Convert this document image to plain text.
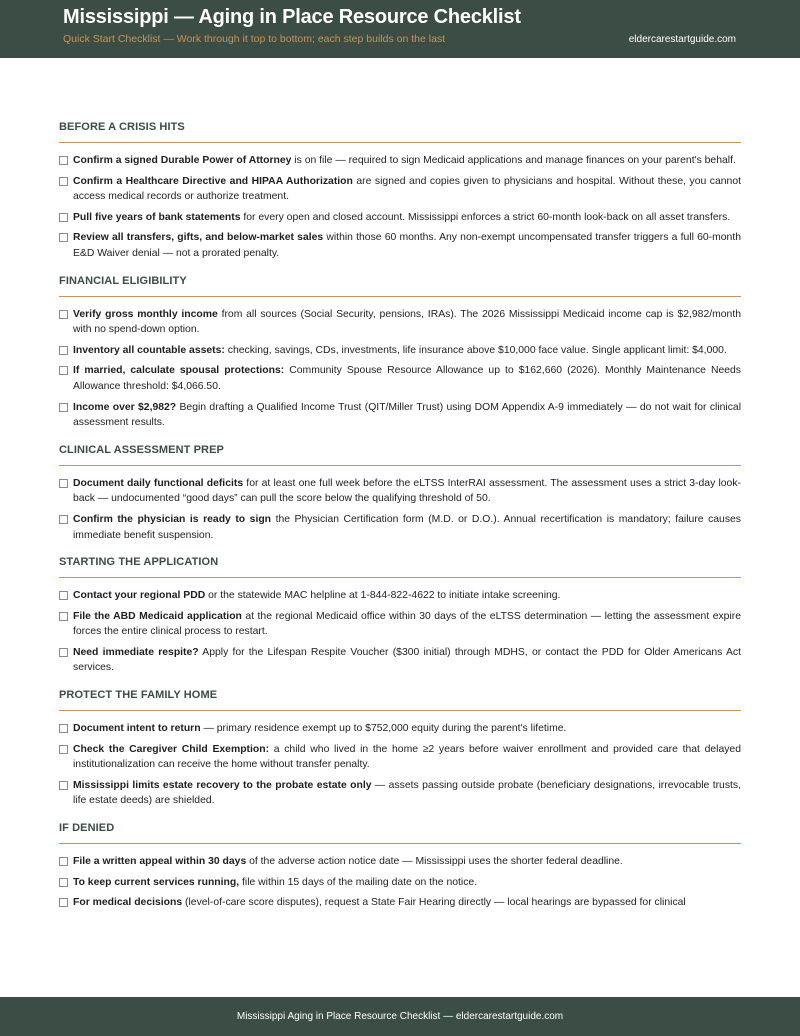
Mississippi — Aging in Place Resource Checklist
Quick Start Checklist — Work through it top to bottom; each step builds on the last	eldercarestartguide.com
BEFORE A CRISIS HITS
Confirm a signed Durable Power of Attorney is on file — required to sign Medicaid applications and manage finances on your parent's behalf.
Confirm a Healthcare Directive and HIPAA Authorization are signed and copies given to physicians and hospital. Without these, you cannot access medical records or authorize treatment.
Pull five years of bank statements for every open and closed account. Mississippi enforces a strict 60-month look-back on all asset transfers.
Review all transfers, gifts, and below-market sales within those 60 months. Any non-exempt uncompensated transfer triggers a full 60-month E&D Waiver denial — not a prorated penalty.
FINANCIAL ELIGIBILITY
Verify gross monthly income from all sources (Social Security, pensions, IRAs). The 2026 Mississippi Medicaid income cap is $2,982/month with no spend-down option.
Inventory all countable assets: checking, savings, CDs, investments, life insurance above $10,000 face value. Single applicant limit: $4,000.
If married, calculate spousal protections: Community Spouse Resource Allowance up to $162,660 (2026). Monthly Maintenance Needs Allowance threshold: $4,066.50.
Income over $2,982? Begin drafting a Qualified Income Trust (QIT/Miller Trust) using DOM Appendix A-9 immediately — do not wait for clinical assessment results.
CLINICAL ASSESSMENT PREP
Document daily functional deficits for at least one full week before the eLTSS InterRAI assessment. The assessment uses a strict 3-day look-back — undocumented “good days” can pull the score below the qualifying threshold of 50.
Confirm the physician is ready to sign the Physician Certification form (M.D. or D.O.). Annual recertification is mandatory; failure causes immediate benefit suspension.
STARTING THE APPLICATION
Contact your regional PDD or the statewide MAC helpline at 1-844-822-4622 to initiate intake screening.
File the ABD Medicaid application at the regional Medicaid office within 30 days of the eLTSS determination — letting the assessment expire forces the entire clinical process to restart.
Need immediate respite? Apply for the Lifespan Respite Voucher ($300 initial) through MDHS, or contact the PDD for Older Americans Act services.
PROTECT THE FAMILY HOME
Document intent to return — primary residence exempt up to $752,000 equity during the parent's lifetime.
Check the Caregiver Child Exemption: a child who lived in the home ≥2 years before waiver enrollment and provided care that delayed institutionalization can receive the home without transfer penalty.
Mississippi limits estate recovery to the probate estate only — assets passing outside probate (beneficiary designations, irrevocable trusts, life estate deeds) are shielded.
IF DENIED
File a written appeal within 30 days of the adverse action notice date — Mississippi uses the shorter federal deadline.
To keep current services running, file within 15 days of the mailing date on the notice.
For medical decisions (level-of-care score disputes), request a State Fair Hearing directly — local hearings are bypassed for clinical
Mississippi Aging in Place Resource Checklist — eldercarestartguide.com
